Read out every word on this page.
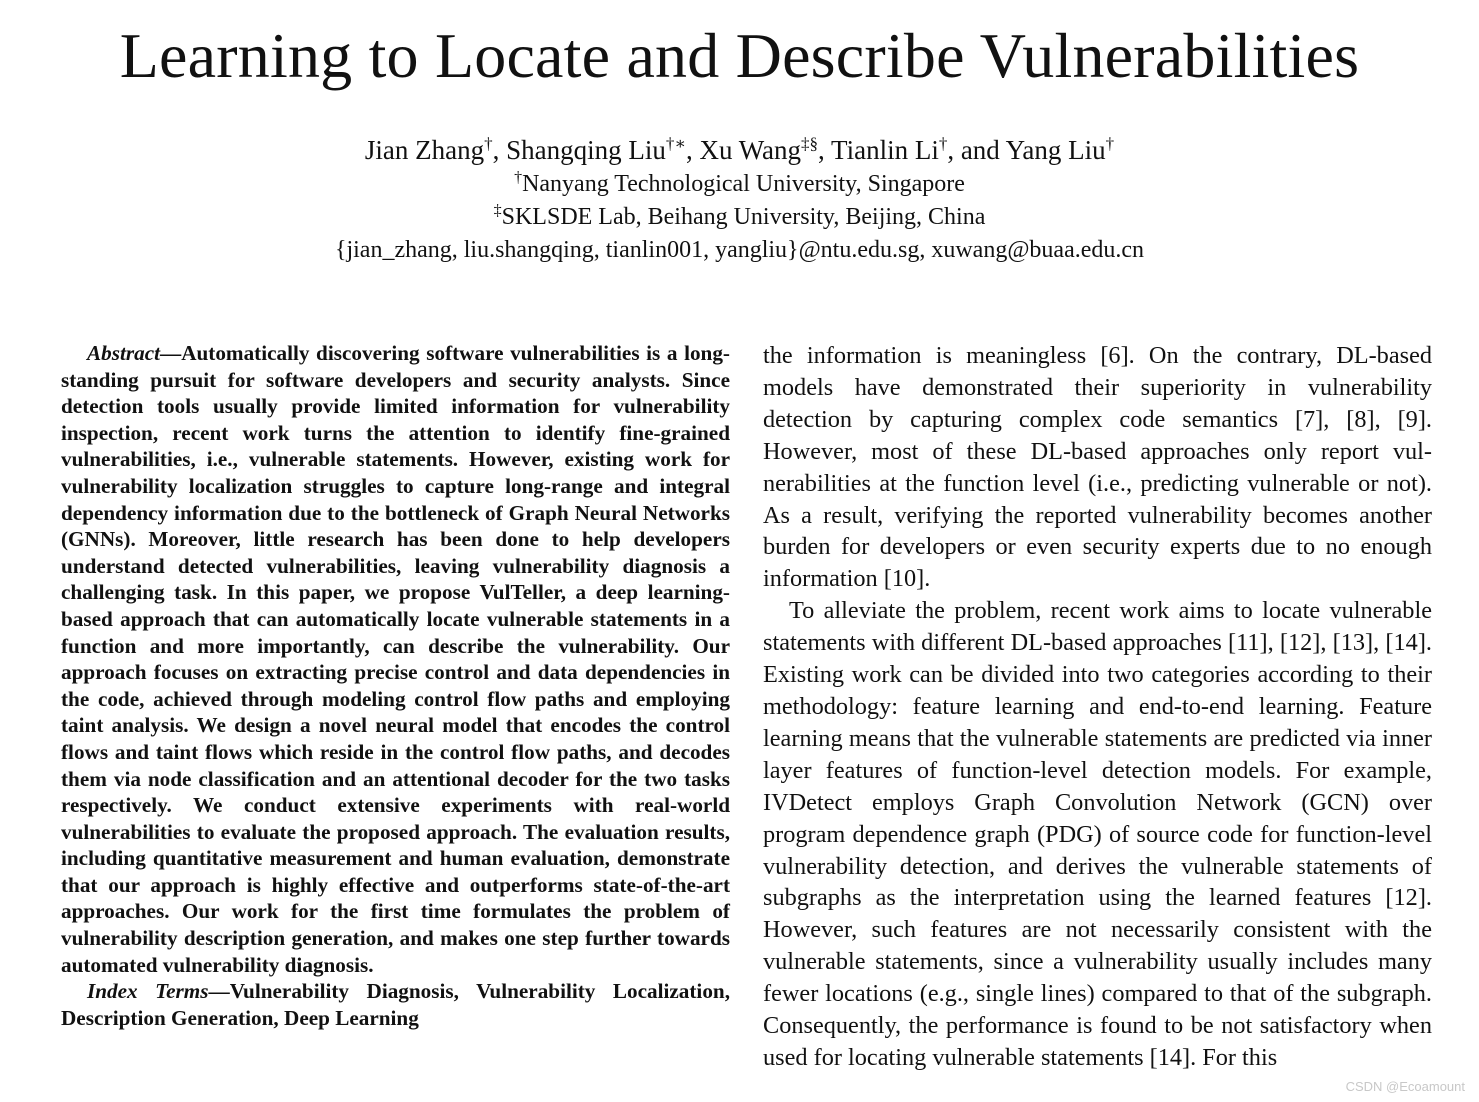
Learning to Locate and Describe Vulnerabilities
Jian Zhang†, Shangqing Liu†∗, Xu Wang‡§, Tianlin Li†, and Yang Liu†
†Nanyang Technological University, Singapore
‡SKLSDE Lab, Beihang University, Beijing, China
{jian_zhang, liu.shangqing, tianlin001, yangliu}@ntu.edu.sg, xuwang@buaa.edu.cn

Abstract—Automatically discovering software vulnerabilities is a long-standing pursuit for software developers and security analysts. Since detection tools usually provide limited information for vulnerability inspection, recent work turns the attention to identify fine-grained vulnerabilities, i.e., vulnerable statements. However, existing work for vulnerability localization struggles to capture long-range and integral dependency information due to the bottleneck of Graph Neural Networks (GNNs). Moreover, little research has been done to help developers understand detected vulnerabilities, leaving vulnerability diagnosis a challenging task. In this paper, we propose VulTeller, a deep learning-based approach that can automatically locate vulnerable statements in a function and more importantly, can describe the vulnerability. Our approach focuses on extracting precise control and data dependencies in the code, achieved through modeling control flow paths and employing taint analysis. We design a novel neural model that encodes the control flows and taint flows which reside in the control flow paths, and decodes them via node classification and an attentional decoder for the two tasks respectively. We conduct extensive experiments with real-world vulnerabilities to evaluate the proposed approach. The evaluation results, including quantitative measurement and human evaluation, demonstrate that our approach is highly effective and outperforms state-of-the-art approaches. Our work for the first time formulates the problem of vulnerability description generation, and makes one step further towards automated vulnerability diagnosis.

Index Terms—Vulnerability Diagnosis, Vulnerability Localization, Description Generation, Deep Learning

the information is meaningless [6]. On the contrary, DL-based models have demonstrated their superiority in vulnerability detection by capturing complex code semantics [7], [8], [9]. However, most of these DL-based approaches only report vulnerabilities at the function level (i.e., predicting vulnerable or not). As a result, verifying the reported vulnerability becomes another burden for developers or even security experts due to no enough information [10].

To alleviate the problem, recent work aims to locate vulnerable statements with different DL-based approaches [11], [12], [13], [14]. Existing work can be divided into two categories according to their methodology: feature learning and end-to-end learning. Feature learning means that the vulnerable statements are predicted via inner layer features of function-level detection models. For example, IVDetect employs Graph Convolution Network (GCN) over program dependence graph (PDG) of source code for function-level vulnerability detection, and derives the vulnerable statements of subgraphs as the interpretation using the learned features [12]. However, such features are not necessarily consistent with the vulnerable statements, since a vulnerability usually includes many fewer locations (e.g., single lines) compared to that of the subgraph. Consequently, the performance is found to be not satisfactory when used for locating vulnerable statements [14]. For this

CSDN @Ecoamount
